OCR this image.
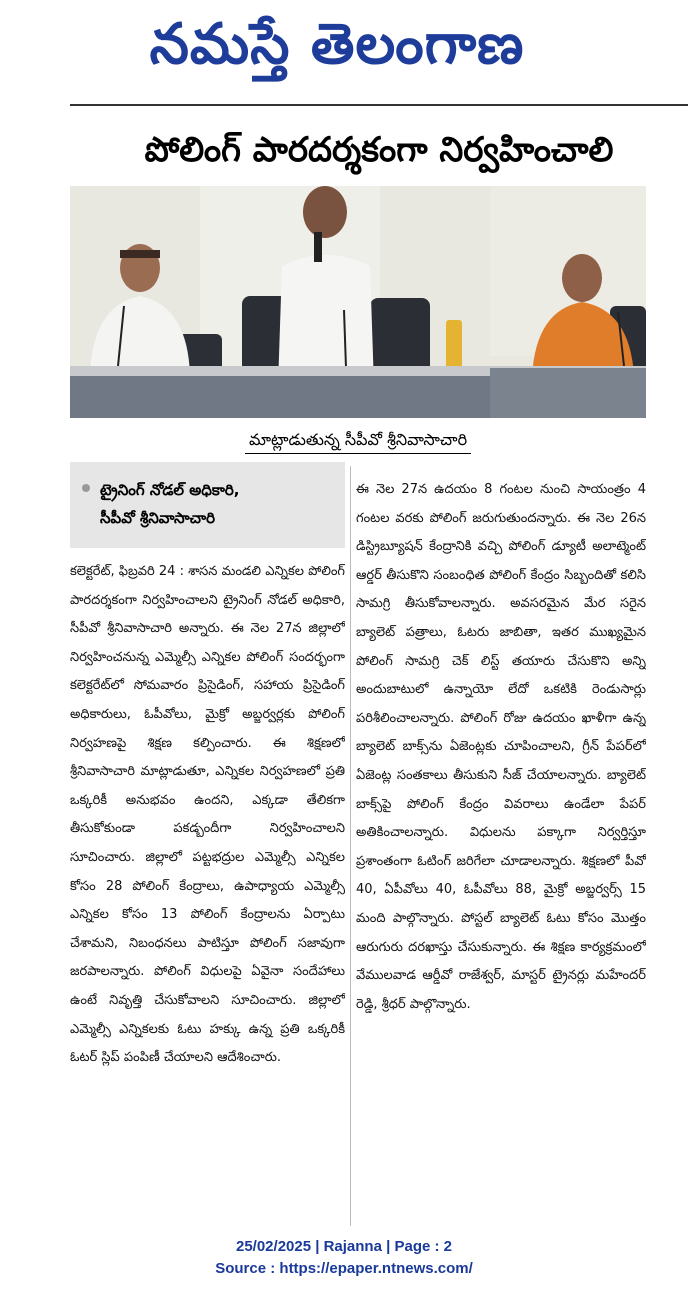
నమస్తే తెలంగాణ
పోలింగ్ పారదర్శకంగా నిర్వహించాలి
మాట్లాడుతున్న సీపీవో శ్రీనివాసాచారి
ట్రైనింగ్ నోడల్ అధికారి,
సీపీవో శ్రీనివాసాచారి
కలెక్టరేట్, ఫిబ్రవరి 24 : శాసన మండలి ఎన్నికల పోలింగ్ పారదర్శకంగా నిర్వహించాలని ట్రైనింగ్ నోడల్ అధికారి, సీపీవో శ్రీనివాసాచారి అన్నారు. ఈ నెల 27న జిల్లాలో నిర్వహించనున్న ఎమ్మెల్సీ ఎన్నికల పోలింగ్ సందర్భంగా కలెక్టరేట్‌లో సోమవారం ప్రిసైడింగ్, సహాయ ప్రిసైడింగ్ అధికారులు, ఓపీవోలు, మైక్రో అబ్జర్వర్లకు పోలింగ్ నిర్వహణపై శిక్షణ కల్పించారు. ఈ శిక్షణలో శ్రీనివాసాచారి మాట్లాడుతూ, ఎన్నికల నిర్వహణలో ప్రతి ఒక్కరికీ అనుభవం ఉందని, ఎక్కడా తేలికగా తీసుకోకుండా పకడ్బందీగా నిర్వహించాలని సూచించారు. జిల్లాలో పట్టభద్రుల ఎమ్మెల్సీ ఎన్నికల కోసం 28 పోలింగ్ కేంద్రాలు, ఉపాధ్యాయ ఎమ్మెల్సీ ఎన్నికల కోసం 13 పోలింగ్ కేంద్రాలను ఏర్పాటు చేశామని, నిబంధనలు పాటిస్తూ పోలింగ్ సజావుగా జరపాలన్నారు. పోలింగ్ విధులపై ఏవైనా సందేహాలు ఉంటే నివృత్తి చేసుకోవాలని సూచించారు. జిల్లాలో ఎమ్మెల్సీ ఎన్నికలకు ఓటు హక్కు ఉన్న ప్రతి ఒక్కరికీ ఓటర్ స్లిప్ పంపిణీ చేయాలని ఆదేశించారు.
ఈ నెల 27న ఉదయం 8 గంటల నుంచి సాయంత్రం 4 గంటల వరకు పోలింగ్ జరుగుతుందన్నారు. ఈ నెల 26న డిస్ట్రిబ్యూషన్ కేంద్రానికి వచ్చి పోలింగ్ డ్యూటీ అలాట్మెంట్ ఆర్డర్ తీసుకొని సంబంధిత పోలింగ్ కేంద్రం సిబ్బందితో కలిసి సామగ్రి తీసుకోవాలన్నారు. అవసరమైన మేర సరైన బ్యాలెట్ పత్రాలు, ఓటరు జాబితా, ఇతర ముఖ్యమైన పోలింగ్ సామగ్రి చెక్ లిస్ట్ తయారు చేసుకొని అన్ని అందుబాటులో ఉన్నాయో లేదో ఒకటికి రెండుసార్లు పరిశీలించాలన్నారు. పోలింగ్ రోజు ఉదయం ఖాళీగా ఉన్న బ్యాలెట్ బాక్స్‌ను ఏజెంట్లకు చూపించాలని, గ్రీన్ పేపర్‌లో ఏజెంట్ల సంతకాలు తీసుకుని సీజ్ చేయాలన్నారు. బ్యాలెట్ బాక్స్‌పై పోలింగ్ కేంద్రం వివరాలు ఉండేలా పేపర్ అతికించాలన్నారు. విధులను పక్కాగా నిర్వర్తిస్తూ ప్రశాంతంగా ఓటింగ్ జరిగేలా చూడాలన్నారు. శిక్షణలో పీవో 40, ఏపీవోలు 40, ఓపీవోలు 88, మైక్రో అబ్జర్వర్స్ 15 మంది పాల్గొన్నారు. పోస్టల్ బ్యాలెట్ ఓటు కోసం మొత్తం ఆరుగురు దరఖాస్తు చేసుకున్నారు. ఈ శిక్షణ కార్యక్రమంలో వేములవాడ ఆర్డీవో రాజేశ్వర్, మాస్టర్ ట్రైనర్లు మహేందర్ రెడ్డి, శ్రీధర్ పాల్గొన్నారు.
25/02/2025 | Rajanna | Page : 2
Source : https://epaper.ntnews.com/
